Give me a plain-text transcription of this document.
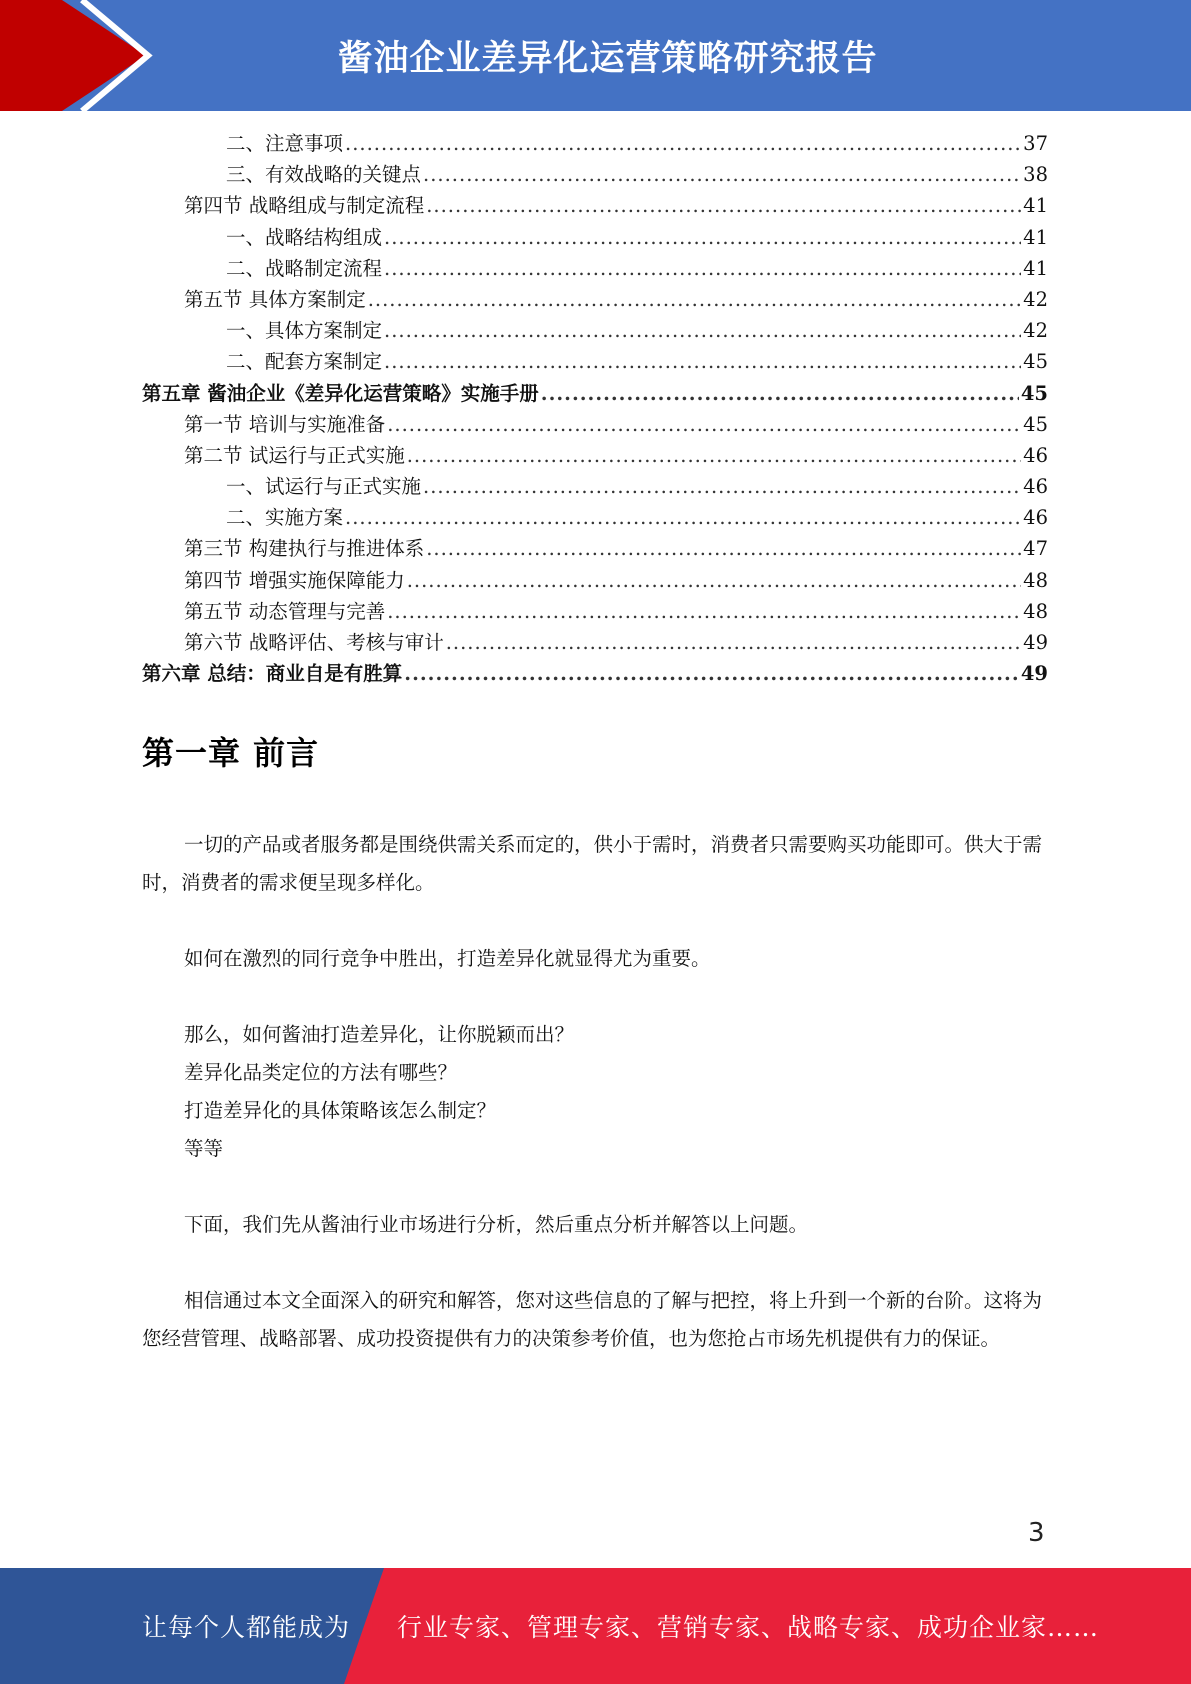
酱油企业差异化运营策略研究报告
二、注意事项 .....	37
三、有效战略的关键点 .....	38
第四节 战略组成与制定流程 .....	41
一、战略结构组成 .....	41
二、战略制定流程 .....	41
第五节 具体方案制定 .....	42
一、具体方案制定 .....	42
二、配套方案制定 .....	45
第五章 酱油企业《差异化运营策略》实施手册 .....	45
第一节 培训与实施准备 .....	45
第二节 试运行与正式实施 .....	46
一、试运行与正式实施 .....	46
二、实施方案 .....	46
第三节 构建执行与推进体系 .....	47
第四节 增强实施保障能力 .....	48
第五节 动态管理与完善 .....	48
第六节 战略评估、考核与审计 .....	49
第六章 总结：商业自是有胜算 .....	49
第一章 前言

一切的产品或者服务都是围绕供需关系而定的，供小于需时，消费者只需要购买功能即可。供大于需时，消费者的需求便呈现多样化。

如何在激烈的同行竞争中胜出，打造差异化就显得尤为重要。

那么，如何酱油打造差异化，让你脱颖而出？
差异化品类定位的方法有哪些？
打造差异化的具体策略该怎么制定？
等等

下面，我们先从酱油行业市场进行分析，然后重点分析并解答以上问题。

相信通过本文全面深入的研究和解答，您对这些信息的了解与把控，将上升到一个新的台阶。这将为您经营管理、战略部署、成功投资提供有力的决策参考价值，也为您抢占市场先机提供有力的保证。

3
让每个人都能成为 行业专家、管理专家、营销专家、战略专家、成功企业家……
